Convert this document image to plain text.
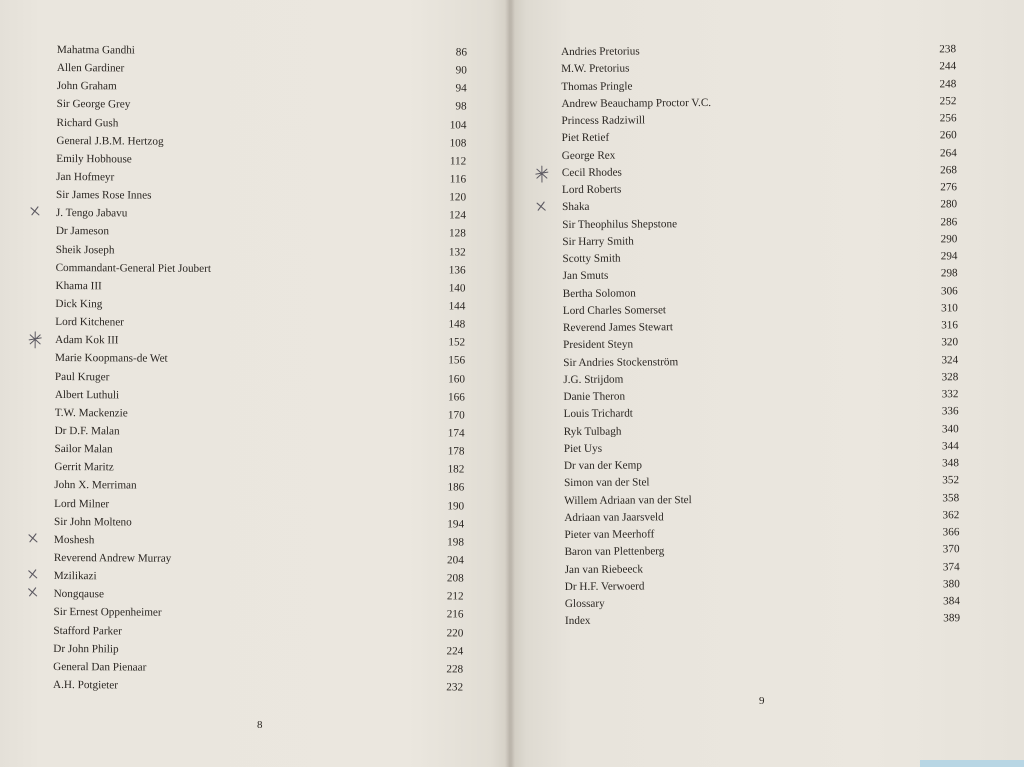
Mahatma Gandhi	86
Allen Gardiner	90
John Graham	94
Sir George Grey	98
Richard Gush	104
General J.B.M. Hertzog	108
Emily Hobhouse	112
Jan Hofmeyr	116
Sir James Rose Innes	120
J. Tengo Jabavu	124
Dr Jameson	128
Sheik Joseph	132
Commandant-General Piet Joubert	136
Khama III	140
Dick King	144
Lord Kitchener	148
Adam Kok III	152
Marie Koopmans-de Wet	156
Paul Kruger	160
Albert Luthuli	166
T.W. Mackenzie	170
Dr D.F. Malan	174
Sailor Malan	178
Gerrit Maritz	182
John X. Merriman	186
Lord Milner	190
Sir John Molteno	194
Moshesh	198
Reverend Andrew Murray	204
Mzilikazi	208
Nongqause	212
Sir Ernest Oppenheimer	216
Stafford Parker	220
Dr John Philip	224
General Dan Pienaar	228
A.H. Potgieter	232
8
Andries Pretorius	238
M.W. Pretorius	244
Thomas Pringle	248
Andrew Beauchamp Proctor V.C.	252
Princess Radziwill	256
Piet Retief	260
George Rex	264
Cecil Rhodes	268
Lord Roberts	276
Shaka	280
Sir Theophilus Shepstone	286
Sir Harry Smith	290
Scotty Smith	294
Jan Smuts	298
Bertha Solomon	306
Lord Charles Somerset	310
Reverend James Stewart	316
President Steyn	320
Sir Andries Stockenström	324
J.G. Strijdom	328
Danie Theron	332
Louis Trichardt	336
Ryk Tulbagh	340
Piet Uys	344
Dr van der Kemp	348
Simon van der Stel	352
Willem Adriaan van der Stel	358
Adriaan van Jaarsveld	362
Pieter van Meerhoff	366
Baron van Plettenberg	370
Jan van Riebeeck	374
Dr H.F. Verwoerd	380
Glossary	384
Index	389
9
